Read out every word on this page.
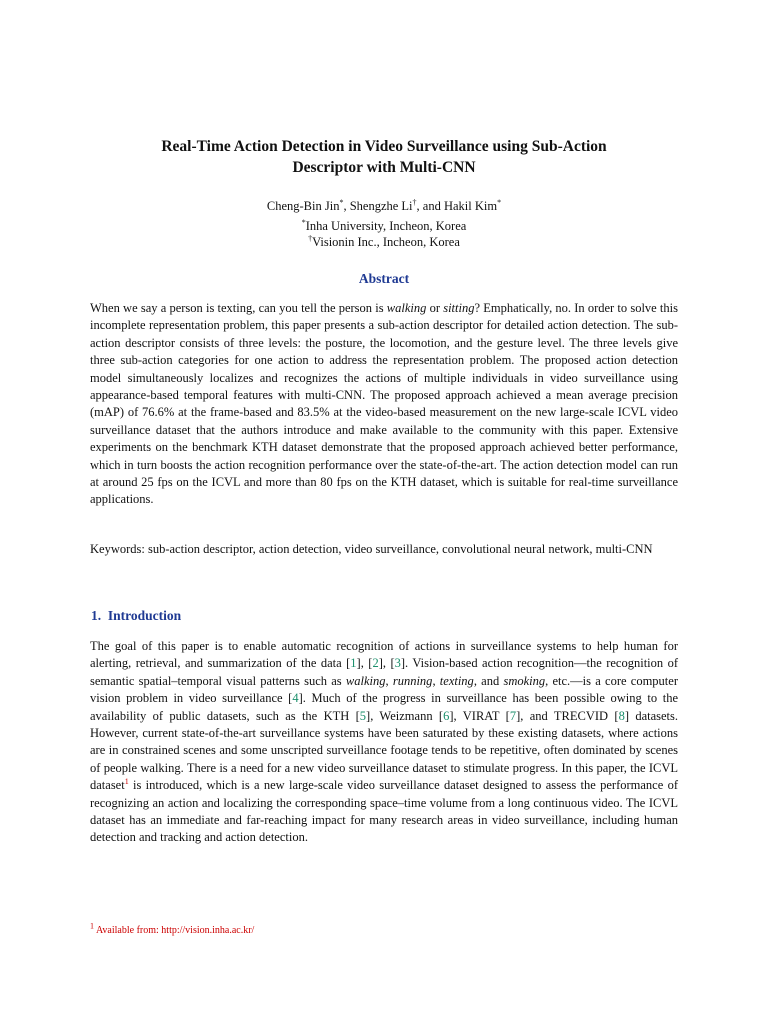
Real-Time Action Detection in Video Surveillance using Sub-Action
Descriptor with Multi-CNN
Cheng-Bin Jin*, Shengzhe Li†, and Hakil Kim*
*Inha University, Incheon, Korea
†Visionin Inc., Incheon, Korea
Abstract

When we say a person is texting, can you tell the person is walking or sitting? Emphatically, no. In order to solve this incomplete representation problem, this paper presents a sub-action descriptor for detailed action detection. The sub-action descriptor consists of three levels: the posture, the locomotion, and the gesture level. The three levels give three sub-action categories for one action to address the representation problem. The proposed action detection model simultaneously localizes and recognizes the actions of multiple individuals in video surveillance using appearance-based temporal features with multi-CNN. The proposed approach achieved a mean average precision (mAP) of 76.6% at the frame-based and 83.5% at the video-based measurement on the new large-scale ICVL video surveillance dataset that the authors introduce and make available to the community with this paper. Extensive experiments on the benchmark KTH dataset demonstrate that the proposed approach achieved better performance, which in turn boosts the action recognition performance over the state-of-the-art. The action detection model can run at around 25 fps on the ICVL and more than 80 fps on the KTH dataset, which is suitable for real-time surveillance applications.

Keywords: sub-action descriptor, action detection, video surveillance, convolutional neural network, multi-CNN

1.  Introduction

The goal of this paper is to enable automatic recognition of actions in surveillance systems to help human for alerting, retrieval, and summarization of the data [1], [2], [3]. Vision-based action recognition—the recognition of semantic spatial–temporal visual patterns such as walking, running, texting, and smoking, etc.—is a core computer vision problem in video surveillance [4]. Much of the progress in surveillance has been possible owing to the availability of public datasets, such as the KTH [5], Weizmann [6], VIRAT [7], and TRECVID [8] datasets. However, current state-of-the-art surveillance systems have been saturated by these existing datasets, where actions are in constrained scenes and some unscripted surveillance footage tends to be repetitive, often dominated by scenes of people walking. There is a need for a new video surveillance dataset to stimulate progress. In this paper, the ICVL dataset$^1$ is introduced, which is a new large-scale video surveillance dataset designed to assess the performance of recognizing an action and localizing the corresponding space–time volume from a long continuous video. The ICVL dataset has an immediate and far-reaching impact for many research areas in video surveillance, including human detection and tracking and action detection.

$^1$ Available from: http://vision.inha.ac.kr/
